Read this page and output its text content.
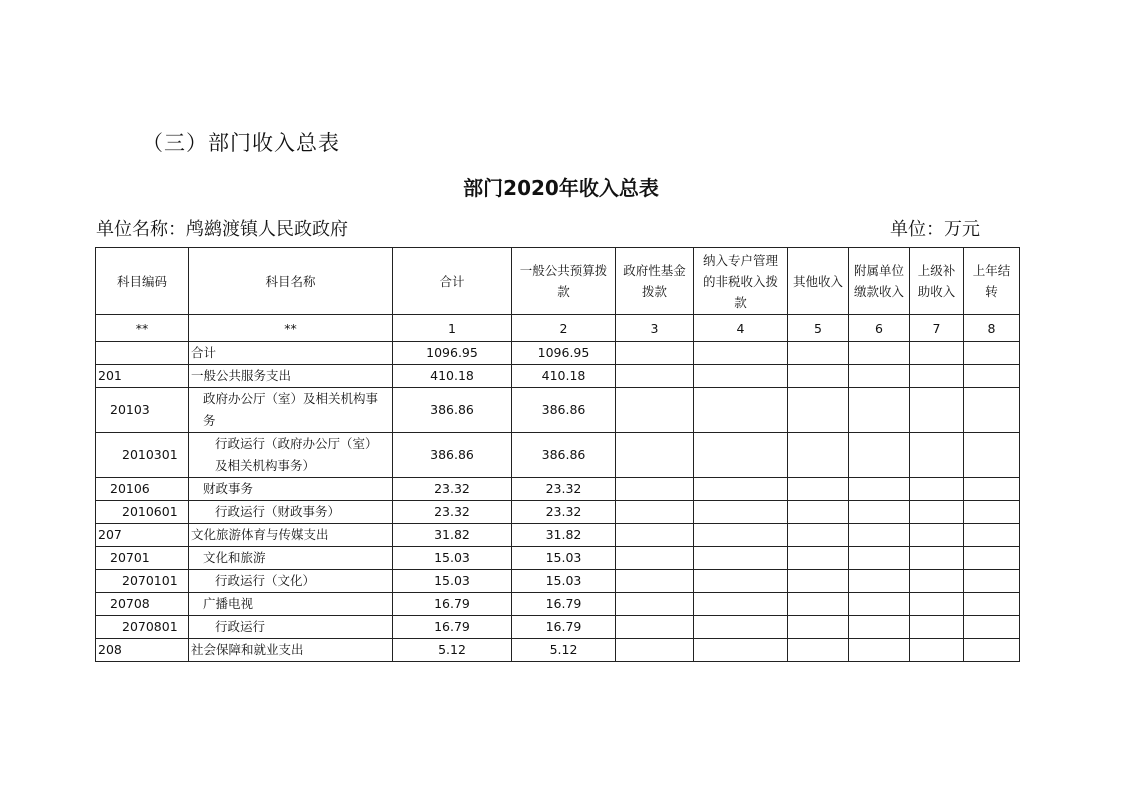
（三）部门收入总表
部门2020年收入总表
单位名称：鸬鹚渡镇人民政政府	单位：万元
科目编码	科目名称	合计	一般公共预算拨款	政府性基金拨款	纳入专户管理的非税收入拨款	其他收入	附属单位缴款收入	上级补助收入	上年结转
**	**	1	2	3	4	5	6	7	8
	合计	1096.95	1096.95						
201	一般公共服务支出	410.18	410.18						
20103	政府办公厅（室）及相关机构事务	386.86	386.86						
2010301	行政运行（政府办公厅（室）及相关机构事务）	386.86	386.86						
20106	财政事务	23.32	23.32						
2010601	行政运行（财政事务）	23.32	23.32						
207	文化旅游体育与传媒支出	31.82	31.82						
20701	文化和旅游	15.03	15.03						
2070101	行政运行（文化）	15.03	15.03						
20708	广播电视	16.79	16.79						
2070801	行政运行	16.79	16.79						
208	社会保障和就业支出	5.12	5.12						
